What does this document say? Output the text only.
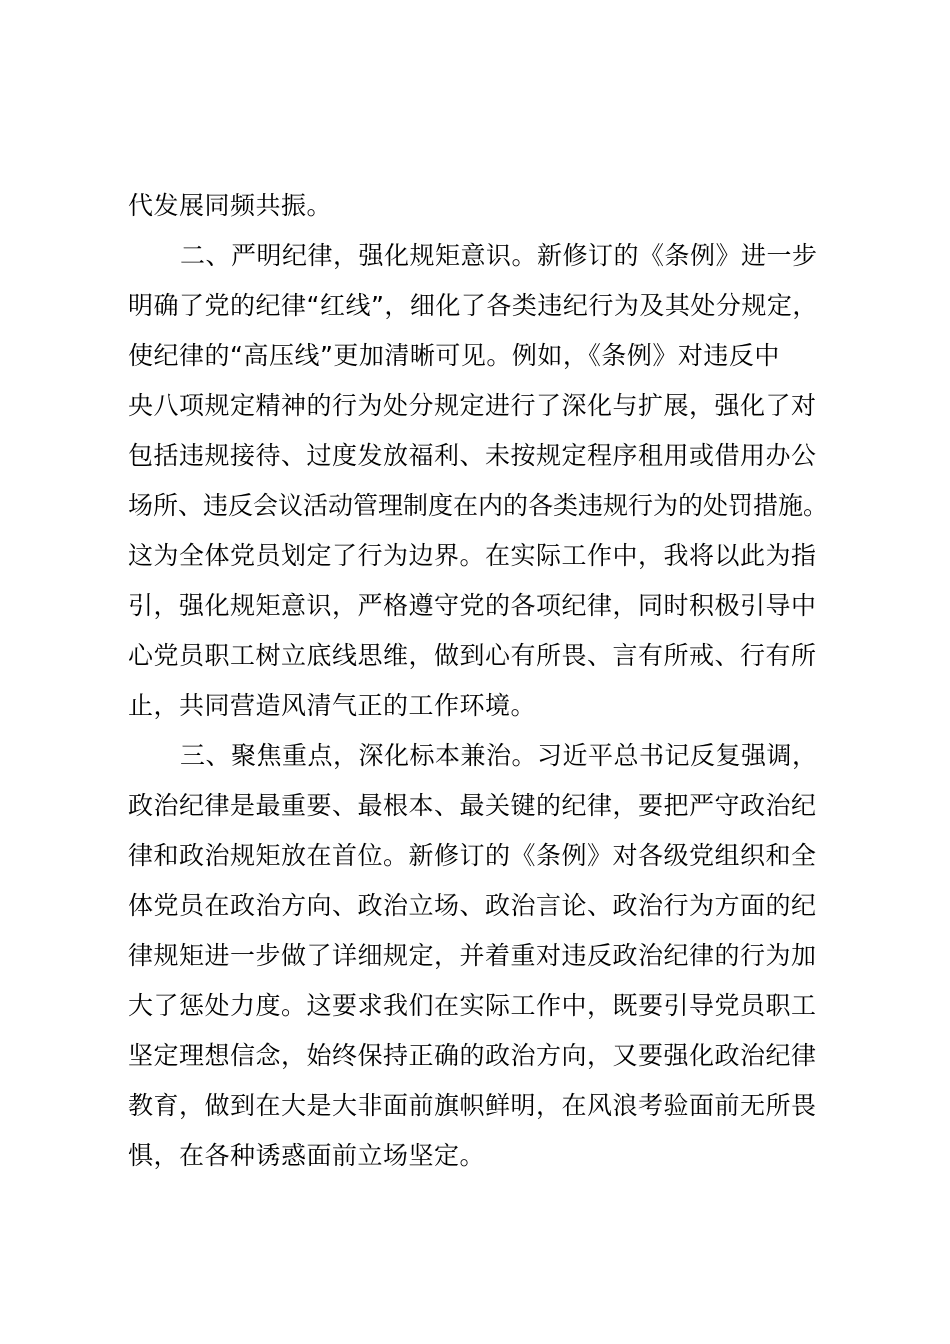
代发展同频共振。
二、严明纪律，强化规矩意识。新修订的《条例》进一步
明确了党的纪律“红线”，细化了各类违纪行为及其处分规定，
使纪律的“高压线”更加清晰可见。例如，《条例》对违反中
央八项规定精神的行为处分规定进行了深化与扩展，强化了对
包括违规接待、过度发放福利、未按规定程序租用或借用办公
场所、违反会议活动管理制度在内的各类违规行为的处罚措施。
这为全体党员划定了行为边界。在实际工作中，我将以此为指
引，强化规矩意识，严格遵守党的各项纪律，同时积极引导中
心党员职工树立底线思维，做到心有所畏、言有所戒、行有所
止，共同营造风清气正的工作环境。
三、聚焦重点，深化标本兼治。习近平总书记反复强调，
政治纪律是最重要、最根本、最关键的纪律，要把严守政治纪
律和政治规矩放在首位。新修订的《条例》对各级党组织和全
体党员在政治方向、政治立场、政治言论、政治行为方面的纪
律规矩进一步做了详细规定，并着重对违反政治纪律的行为加
大了惩处力度。这要求我们在实际工作中，既要引导党员职工
坚定理想信念，始终保持正确的政治方向，又要强化政治纪律
教育，做到在大是大非面前旗帜鲜明，在风浪考验面前无所畏
惧，在各种诱惑面前立场坚定。
